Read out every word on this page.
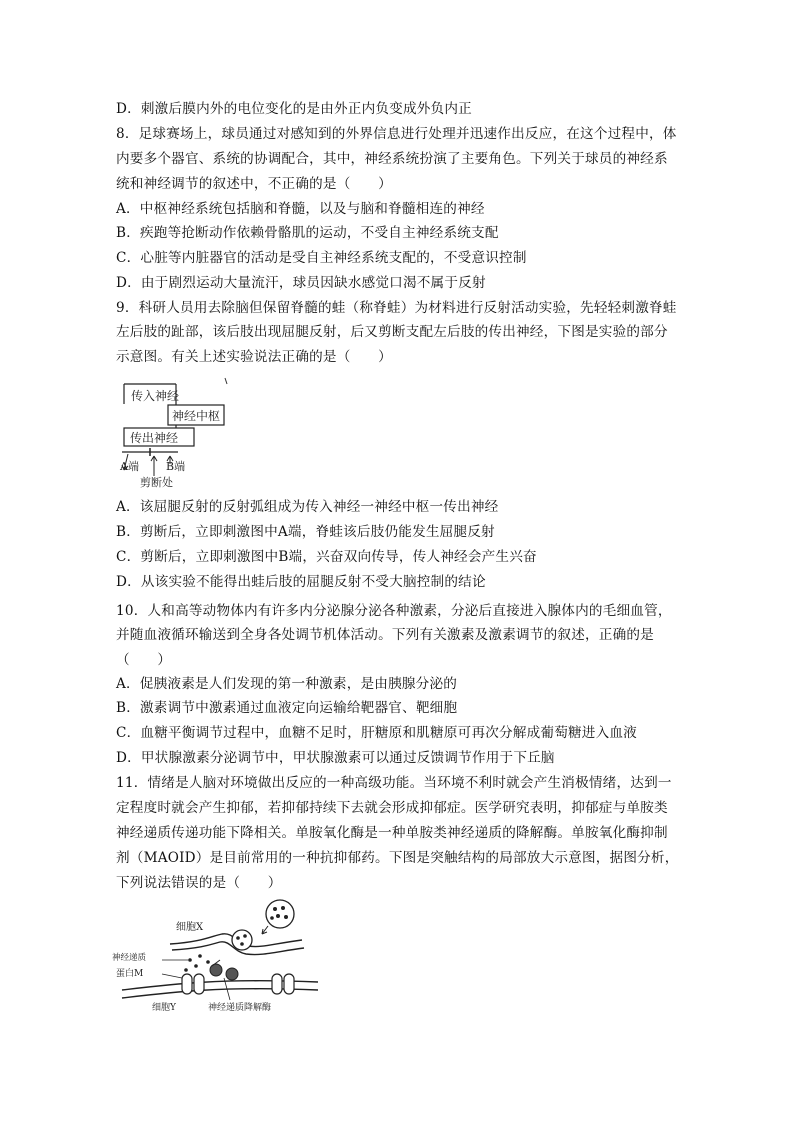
D．刺激后膜内外的电位变化的是由外正内负变成外负内正
8．足球赛场上，球员通过对感知到的外界信息进行处理并迅速作出反应，在这个过程中，体
内要多个器官、系统的协调配合，其中，神经系统扮演了主要角色。下列关于球员的神经系
统和神经调节的叙述中，不正确的是（　　）
A．中枢神经系统包括脑和脊髓，以及与脑和脊髓相连的神经
B．疾跑等抢断动作依赖骨骼肌的运动，不受自主神经系统支配
C．心脏等内脏器官的活动是受自主神经系统支配的，不受意识控制
D．由于剧烈运动大量流汗，球员因缺水感觉口渴不属于反射
9．科研人员用去除脑但保留脊髓的蛙（称脊蛙）为材料进行反射活动实验，先轻轻刺激脊蛙
左后肢的趾部，该后肢出现屈腿反射，后又剪断支配左后肢的传出神经，下图是实验的部分
示意图。有关上述实验说法正确的是（　　）
传入神经
神经中枢
传出神经
A端 B端
剪断处
A．该屈腿反射的反射弧组成为传入神经一神经中枢一传出神经
B．剪断后，立即刺激图中A端，脊蛙该后肢仍能发生屈腿反射
C．剪断后，立即刺激图中B端，兴奋双向传导，传人神经会产生兴奋
D．从该实验不能得出蛙后肢的屈腿反射不受大脑控制的结论
10．人和高等动物体内有许多内分泌腺分泌各种激素，分泌后直接进入腺体内的毛细血管，
并随血液循环输送到全身各处调节机体活动。下列有关激素及激素调节的叙述，正确的是
（　　）
A．促胰液素是人们发现的第一种激素，是由胰腺分泌的
B．激素调节中激素通过血液定向运输给靶器官、靶细胞
C．血糖平衡调节过程中，血糖不足时，肝糖原和肌糖原可再次分解成葡萄糖进入血液
D．甲状腺激素分泌调节中，甲状腺激素可以通过反馈调节作用于下丘脑
11．情绪是人脑对环境做出反应的一种高级功能。当环境不利时就会产生消极情绪，达到一
定程度时就会产生抑郁，若抑郁持续下去就会形成抑郁症。医学研究表明，抑郁症与单胺类
神经递质传递功能下降相关。单胺氧化酶是一种单胺类神经递质的降解酶。单胺氧化酶抑制
剂（MAOID）是目前常用的一种抗抑郁药。下图是突触结构的局部放大示意图，据图分析，
下列说法错误的是（　　）
细胞X
神经递质
蛋白M
细胞Y	神经递质降解酶
